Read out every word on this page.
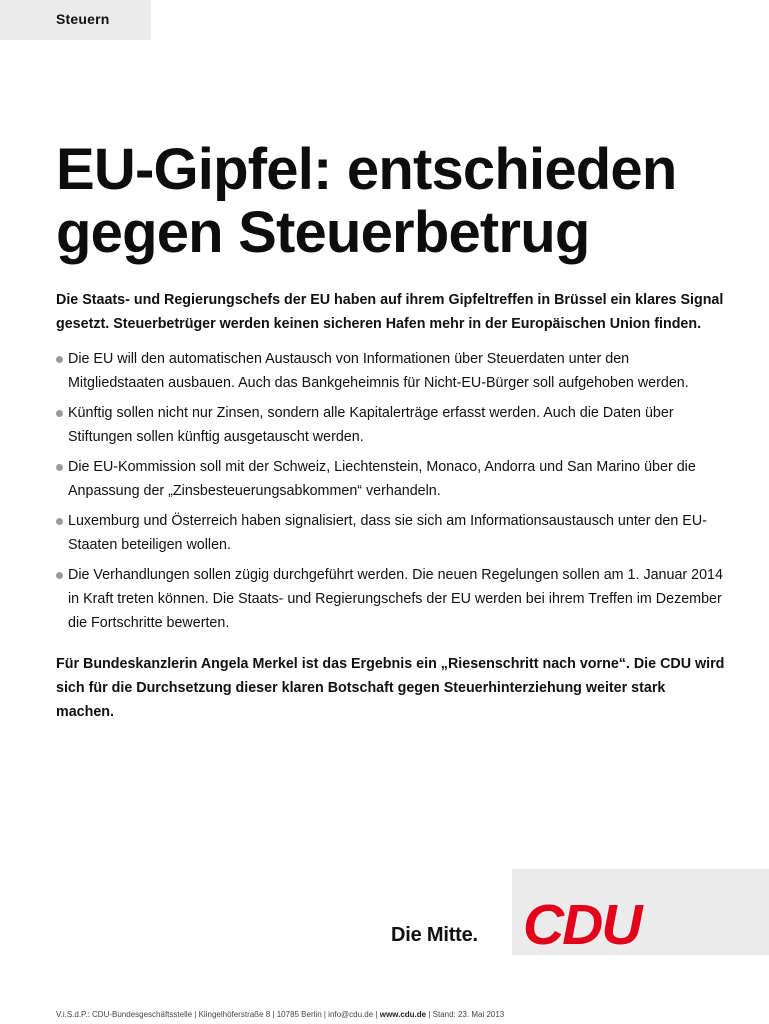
Steuern
EU-Gipfel: entschieden
gegen Steuerbetrug

Die Staats- und Regierungschefs der EU haben auf ihrem Gipfeltreffen in Brüssel ein klares Signal gesetzt. Steuerbetrüger werden keinen sicheren Hafen mehr in der Europäischen Union finden.

Die EU will den automatischen Austausch von Informationen über Steuerdaten unter den Mitgliedstaaten ausbauen. Auch das Bankgeheimnis für Nicht-EU-Bürger soll aufgehoben werden.
Künftig sollen nicht nur Zinsen, sondern alle Kapitalerträge erfasst werden. Auch die Daten über Stiftungen sollen künftig ausgetauscht werden.
Die EU-Kommission soll mit der Schweiz, Liechtenstein, Monaco, Andorra und San Marino über die Anpassung der „Zinsbesteuerungsabkommen“ verhandeln.
Luxemburg und Österreich haben signalisiert, dass sie sich am Informationsaustausch unter den EU-Staaten beteiligen wollen.
Die Verhandlungen sollen zügig durchgeführt werden. Die neuen Regelungen sollen am 1. Januar 2014 in Kraft treten können. Die Staats- und Regierungschefs der EU werden bei ihrem Treffen im Dezember die Fortschritte bewerten.

Für Bundeskanzlerin Angela Merkel ist das Ergebnis ein „Riesenschritt nach vorne“. Die CDU wird sich für die Durchsetzung dieser klaren Botschaft gegen Steuerhinterziehung weiter stark machen.

Die Mitte. CDU
V.i.S.d.P.: CDU-Bundesgeschäftsstelle | Klingelhöferstraße 8 | 10785 Berlin | info@cdu.de | www.cdu.de | Stand: 23. Mai 2013
